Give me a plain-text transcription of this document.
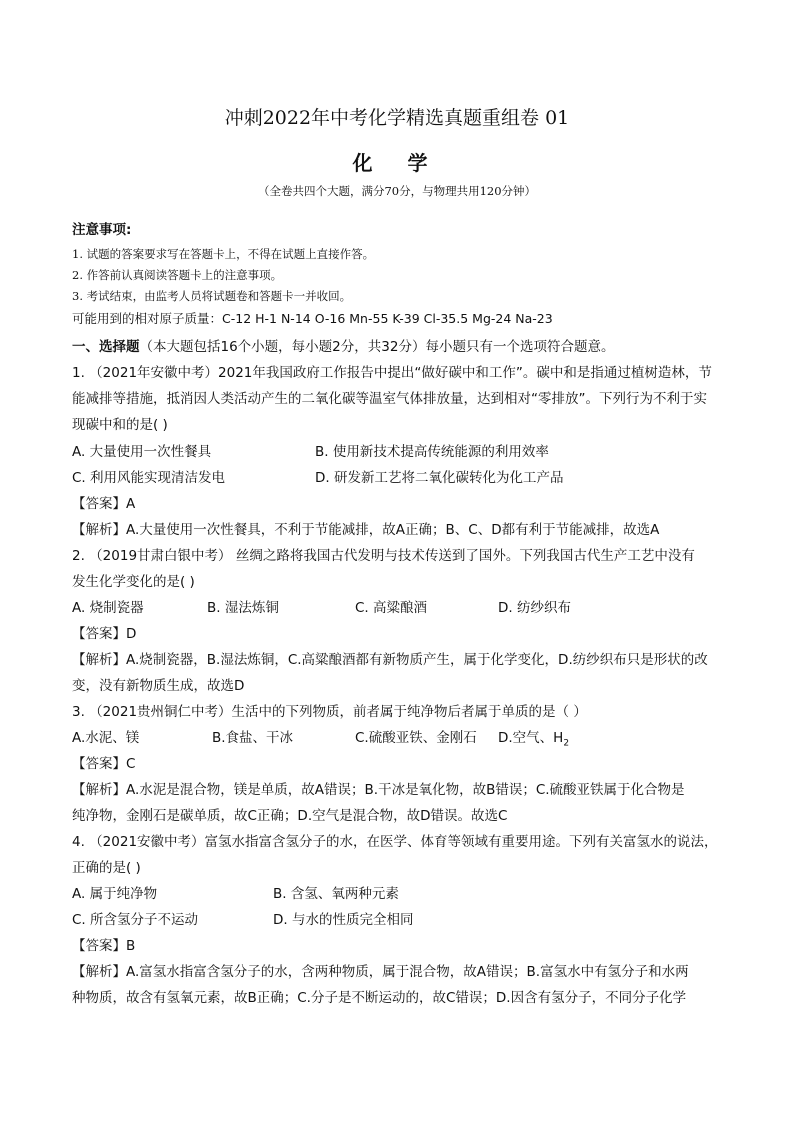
冲刺2022年中考化学精选真题重组卷 01
化 学
（全卷共四个大题，满分70分，与物理共用120分钟）
注意事项:
1. 试题的答案要求写在答题卡上，不得在试题上直接作答。
2. 作答前认真阅读答题卡上的注意事项。
3. 考试结束，由监考人员将试题卷和答题卡一并收回。
可能用到的相对原子质量：C-12 H-1 N-14 O-16 Mn-55 K-39 Cl-35.5 Mg-24 Na-23
一、选择题（本大题包括16个小题，每小题2分，共32分）每小题只有一个选项符合题意。
1. （2021年安徽中考）2021年我国政府工作报告中提出“做好碳中和工作”。碳中和是指通过植树造林，节
能减排等措施，抵消因人类活动产生的二氧化碳等温室气体排放量，达到相对“零排放”。下列行为不利于实
现碳中和的是( )
A. 大量使用一次性餐具	B. 使用新技术提高传统能源的利用效率
C. 利用风能实现清洁发电	D. 研发新工艺将二氧化碳转化为化工产品
【答案】A
【解析】A.大量使用一次性餐具，不利于节能减排，故A正确；B、C、D都有利于节能减排，故选A
2. （2019甘肃白银中考） 丝绸之路将我国古代发明与技术传送到了国外。下列我国古代生产工艺中没有
发生化学变化的是( )
A. 烧制瓷器	B. 湿法炼铜	C. 高粱酿酒	D. 纺纱织布
【答案】D
【解析】A.烧制瓷器，B.湿法炼铜，C.高粱酿酒都有新物质产生，属于化学变化，D.纺纱织布只是形状的改
变，没有新物质生成，故选D
3. （2021贵州铜仁中考）生活中的下列物质，前者属于纯净物后者属于单质的是（ ）
A.水泥、镁	B.食盐、干冰	C.硫酸亚铁、金刚石 D.空气、$H_2$
【答案】C
【解析】A.水泥是混合物，镁是单质，故A错误；B.干冰是氧化物，故B错误；C.硫酸亚铁属于化合物是
纯净物，金刚石是碳单质，故C正确；D.空气是混合物，故D错误。故选C
4. （2021安徽中考）富氢水指富含氢分子的水，在医学、体育等领域有重要用途。下列有关富氢水的说法，
正确的是( )
A. 属于纯净物	B. 含氢、氧两种元素
C. 所含氢分子不运动	D. 与水的性质完全相同
【答案】B
【解析】A.富氢水指富含氢分子的水，含两种物质，属于混合物，故A错误；B.富氢水中有氢分子和水两
种物质，故含有氢氧元素，故B正确；C.分子是不断运动的，故C错误；D.因含有氢分子，不同分子化学
